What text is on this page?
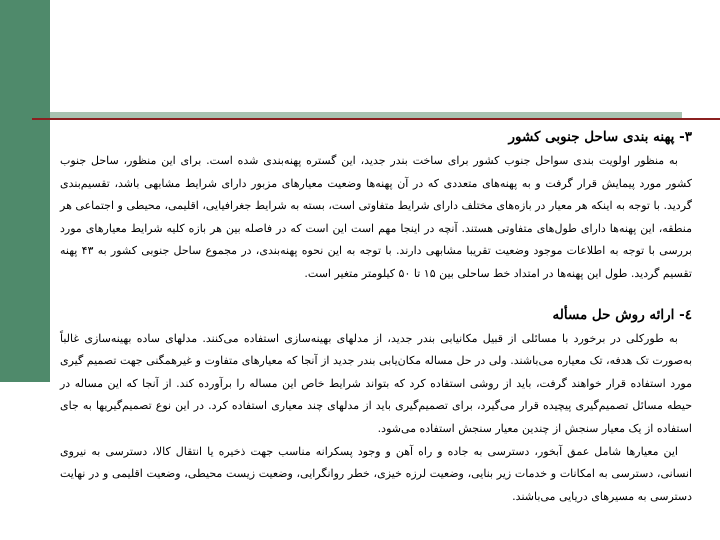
۳- پهنه بندی ساحل جنوبی کشور

به منظور اولویت بندی سواحل جنوب کشور برای ساخت بندر جدید، این گستره پهنه‌بندی شده است. برای این منظور، ساحل جنوب کشور مورد پیمایش قرار گرفت و به پهنه‌های متعددی که در آن پهنه‌ها وضعیت معیارهای مزبور دارای شرایط مشابهی باشد، تقسیم‌بندی گردید. با توجه به اینکه هر معیار در بازه‌های مختلف دارای شرایط متفاوتی است، بسته به شرایط جغرافیایی، اقلیمی، محیطی و اجتماعی هر منطقه، این پهنه‌ها دارای طول‌های متفاوتی هستند. آنچه در اینجا مهم است این است که در فاصله بین هر بازه کلیه شرایط معیارهای مورد بررسی با توجه به اطلاعات موجود وضعیت تقریبا مشابهی دارند. با توجه به این نحوه پهنه‌بندی، در مجموع ساحل جنوبی کشور به ۴۳ پهنه تقسیم گردید. طول این پهنه‌ها در امتداد خط ساحلی بین ۱۵ تا ۵۰ کیلومتر متغیر است.

٤- ارائه روش حل مسأله

به طورکلی در برخورد با مسائلی از قبیل مکانیابی بندر جدید، از مدلهای بهینه‌سازی استفاده می‌کنند. مدلهای ساده بهینه‌سازی غالباً به‌صورت تک هدفه، تک معیاره می‌باشند. ولی در حل مساله مکان‌یابی بندر جدید از آنجا که معیارهای متفاوت و غیرهمگنی جهت تصمیم گیری مورد استفاده قرار خواهند گرفت، باید از روشی استفاده کرد که بتواند شرایط خاص این مساله را برآورده کند. از آنجا که این مساله در حیطه مسائل تصمیم‌گیری پیچیده قرار می‌گیرد، برای تصمیم‌گیری باید از مدلهای چند معیاری استفاده کرد. در این نوع تصمیم‌گیریها به جای استفاده از یک معیار سنجش از چندین معیار سنجش استفاده می‌شود.

این معیارها شامل عمق آبخور، دسترسی به جاده و راه آهن و وجود پسکرانه مناسب جهت ذخیره یا انتقال کالا، دسترسی به نیروی انسانی، دسترسی به امکانات و خدمات زیر بنایی، وضعیت لرزه خیزی، خطر روانگرایی، وضعیت زیست محیطی، وضعیت اقلیمی و در نهایت دسترسی به مسیرهای دریایی می‌باشند.
